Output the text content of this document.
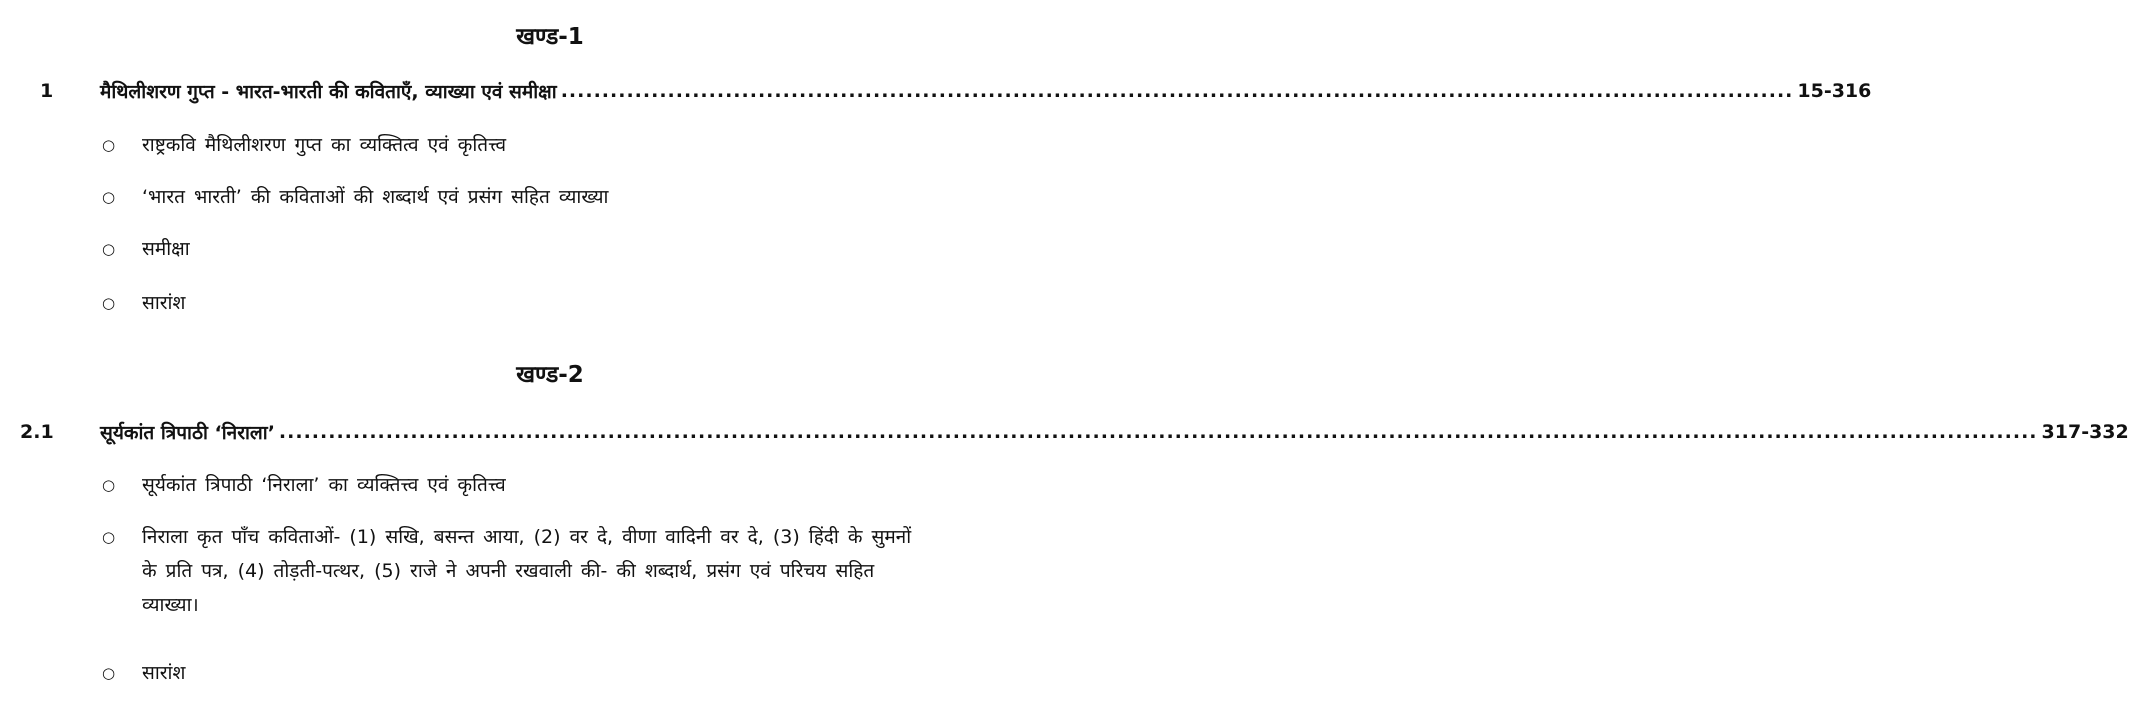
खण्ड-1
1	मैथिलीशरण गुप्त - भारत-भारती की कविताएँ, व्याख्या एवं समीक्षा ...................................................................................................................................................... 15-316
○	राष्ट्रकवि मैथिलीशरण गुप्त का व्यक्तित्व एवं कृतित्त्व
○	‘भारत भारती’ की कविताओं की शब्दार्थ एवं प्रसंग सहित व्याख्या
○	समीक्षा
○	सारांश
खण्ड-2
2.1	सूर्यकांत त्रिपाठी ‘निराला’ ...................................................................................................................................................................................................................... 317-332
○	सूर्यकांत त्रिपाठी ‘निराला’ का व्यक्तित्त्व एवं कृतित्त्व
○	निराला कृत पाँच कविताओं- (1) सखि, बसन्त आया, (2) वर दे, वीणा वादिनी वर दे, (3) हिंदी के सुमनों के प्रति पत्र, (4) तोड़ती-पत्थर, (5) राजे ने अपनी रखवाली की- की शब्दार्थ, प्रसंग एवं परिचय सहित व्याख्या।
○	सारांश
